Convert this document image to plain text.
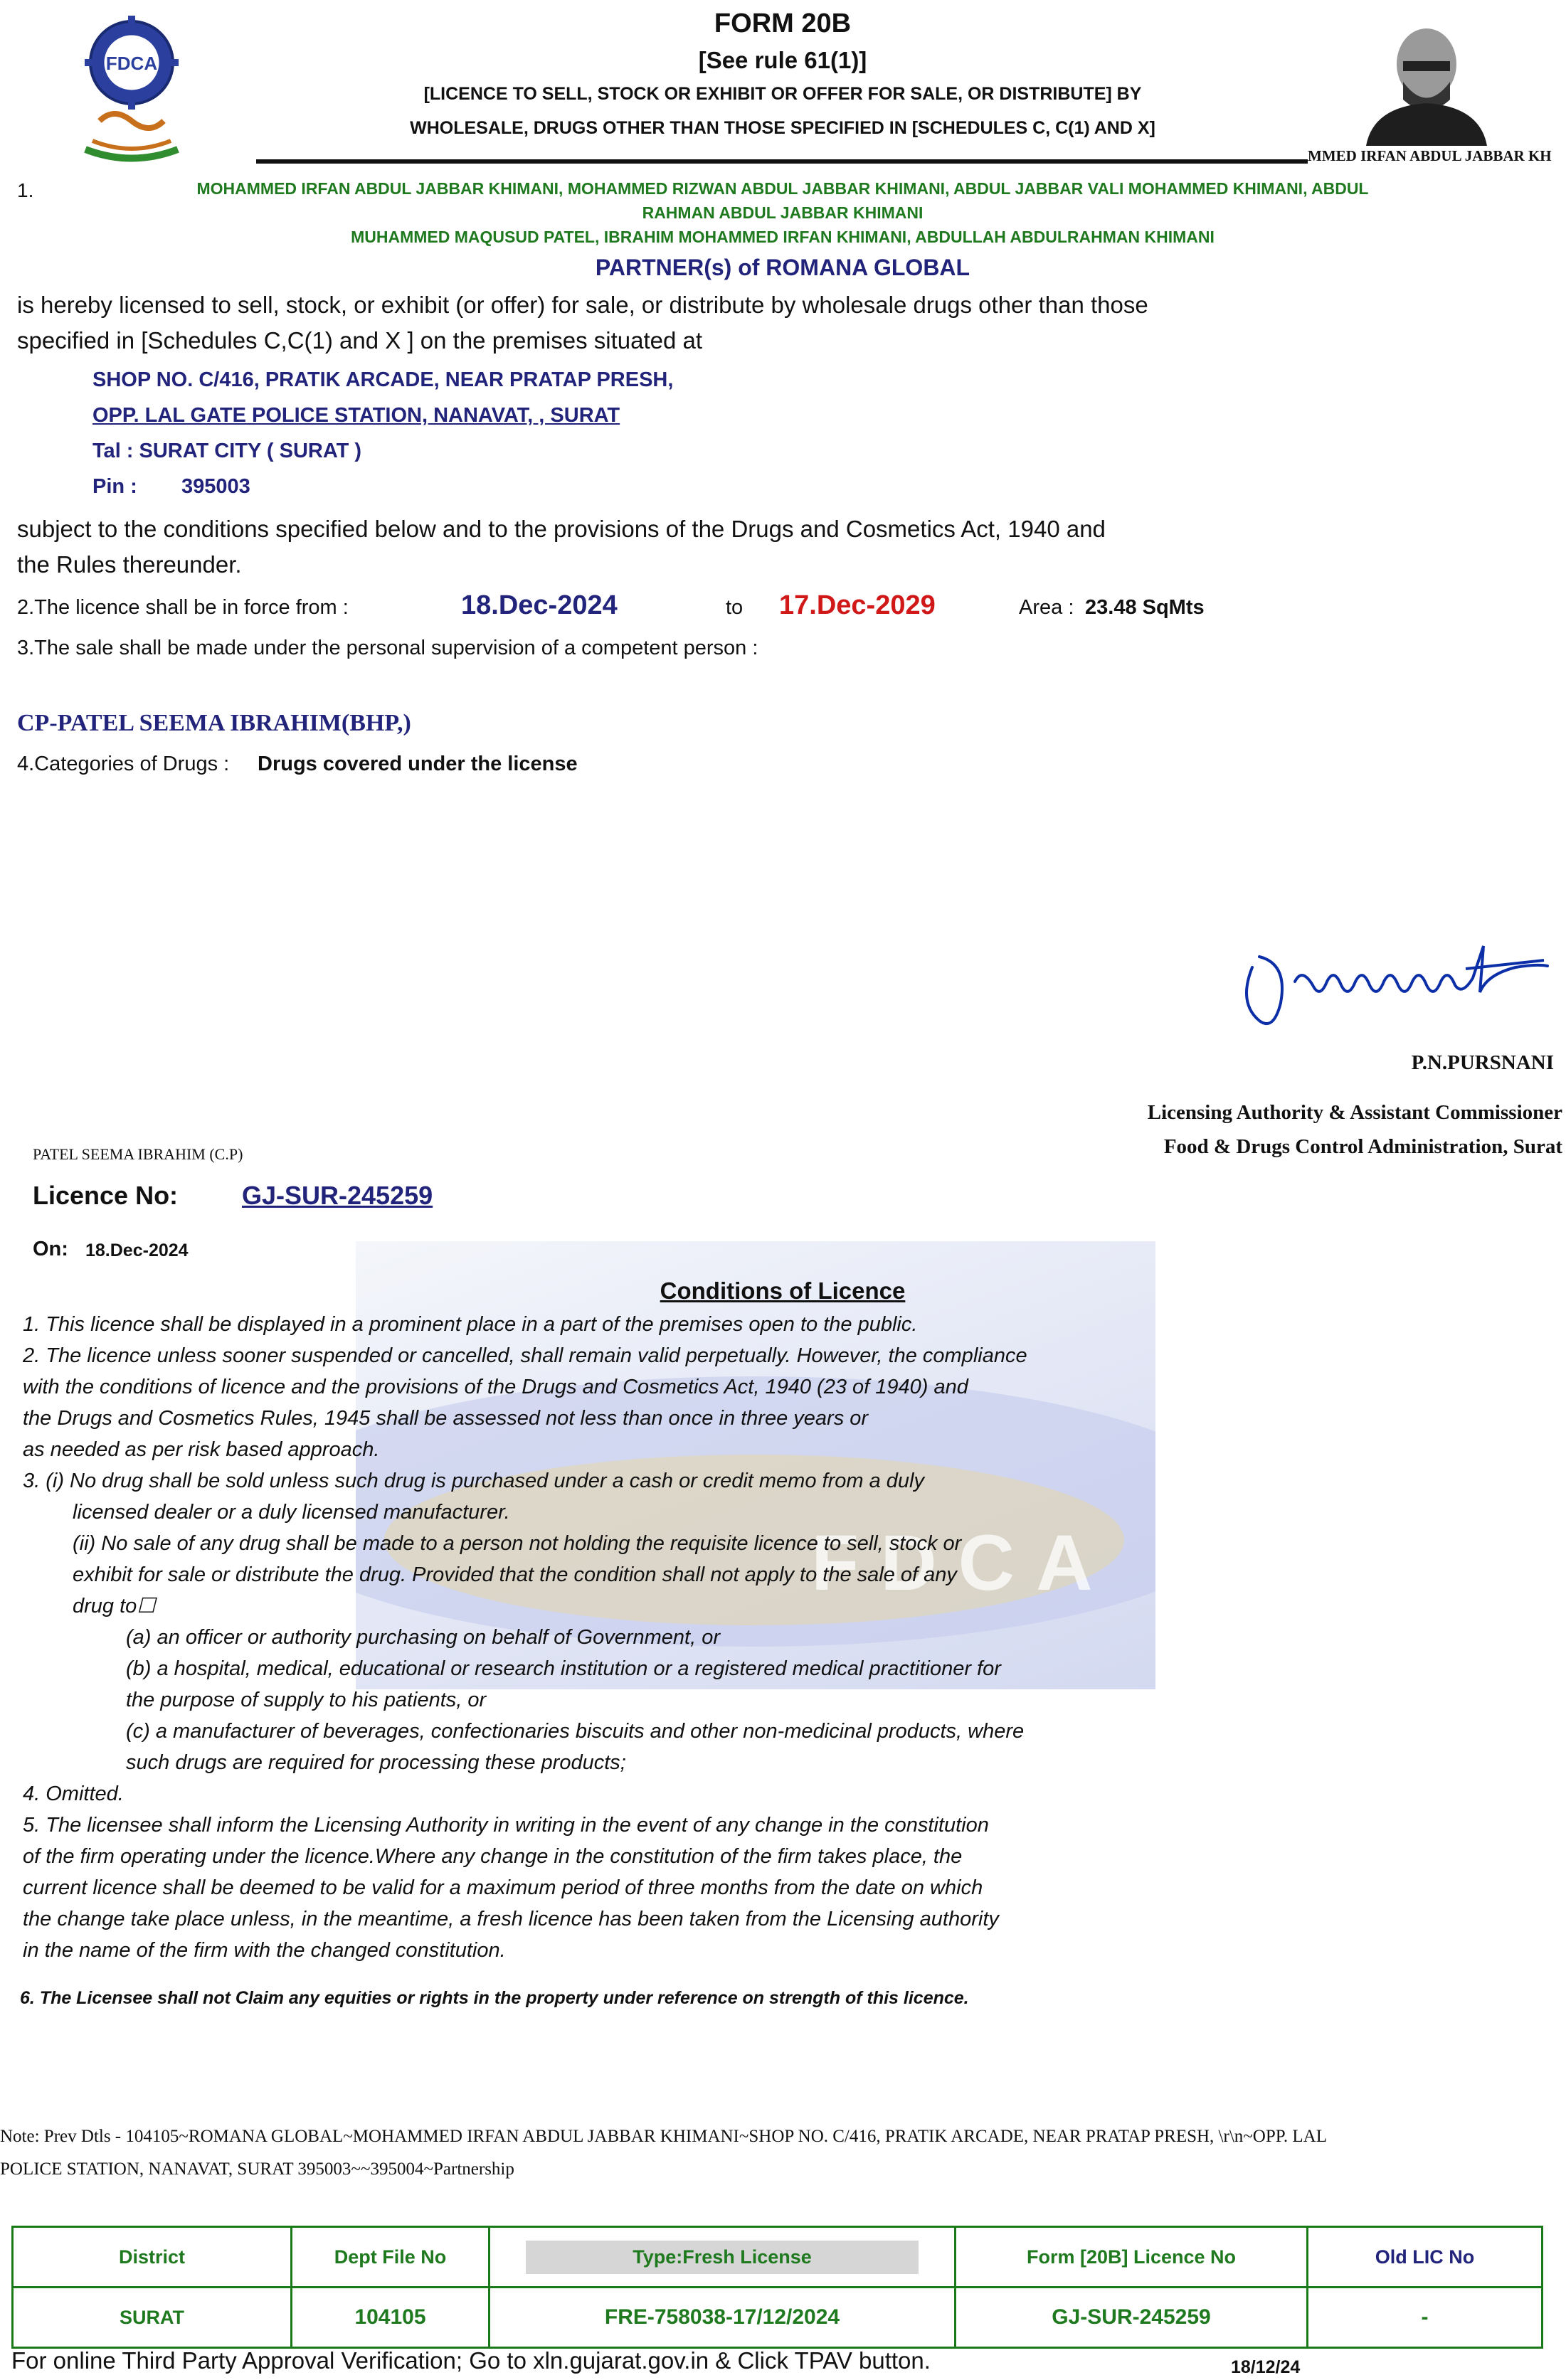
FDCA
MMED IRFAN ABDUL JABBAR KH
FORM 20B
[See rule 61(1)]
[LICENCE TO SELL, STOCK OR EXHIBIT OR OFFER FOR SALE, OR DISTRIBUTE] BY
WHOLESALE, DRUGS OTHER THAN THOSE SPECIFIED IN [SCHEDULES C, C(1) AND X]
1.	MOHAMMED IRFAN ABDUL JABBAR KHIMANI, MOHAMMED RIZWAN ABDUL JABBAR KHIMANI, ABDUL JABBAR VALI MOHAMMED KHIMANI, ABDUL
RAHMAN ABDUL JABBAR KHIMANI
MUHAMMED MAQUSUD PATEL, IBRAHIM MOHAMMED IRFAN KHIMANI, ABDULLAH ABDULRAHMAN KHIMANI
PARTNER(s) of ROMANA GLOBAL
is hereby licensed to sell, stock, or exhibit (or offer) for sale, or distribute by wholesale drugs other than those
specified in [Schedules C,C(1) and X ] on the premises situated at
SHOP NO. C/416, PRATIK ARCADE, NEAR PRATAP PRESH,
OPP. LAL GATE POLICE STATION, NANAVAT, , SURAT
Tal : SURAT CITY ( SURAT )
Pin : 395003
subject to the conditions specified below and to the provisions of the Drugs and Cosmetics Act, 1940 and
the Rules thereunder.
2.The licence shall be in force from :	18.Dec-2024	to 17.Dec-2029	Area : 23.48 SqMts
3.The sale shall be made under the personal supervision of a competent person :
CP-PATEL SEEMA IBRAHIM(BHP,)
4.Categories of Drugs : Drugs covered under the license
P.N.PURSNANI
Licensing Authority & Assistant Commissioner
Food & Drugs Control Administration, Surat
PATEL SEEMA IBRAHIM (C.P)
Licence No: GJ-SUR-245259
On: 18.Dec-2024
FDCA
Conditions of Licence
1. This licence shall be displayed in a prominent place in a part of the premises open to the public.
2. The licence unless sooner suspended or cancelled, shall remain valid perpetually. However, the compliance
with the conditions of licence and the provisions of the Drugs and Cosmetics Act, 1940 (23 of 1940) and
the Drugs and Cosmetics Rules, 1945 shall be assessed not less than once in three years or
as needed as per risk based approach.
3. (i) No drug shall be sold unless such drug is purchased under a cash or credit memo from a duly
licensed dealer or a duly licensed manufacturer.
(ii) No sale of any drug shall be made to a person not holding the requisite licence to sell, stock or
exhibit for sale or distribute the drug. Provided that the condition shall not apply to the sale of any
drug to☐
(a) an officer or authority purchasing on behalf of Government, or
(b) a hospital, medical, educational or research institution or a registered medical practitioner for
the purpose of supply to his patients, or
(c) a manufacturer of beverages, confectionaries biscuits and other non-medicinal products, where
such drugs are required for processing these products;
4. Omitted.
5. The licensee shall inform the Licensing Authority in writing in the event of any change in the constitution
of the firm operating under the licence.Where any change in the constitution of the firm takes place, the
current licence shall be deemed to be valid for a maximum period of three months from the date on which
the change take place unless, in the meantime, a fresh licence has been taken from the Licensing authority
in the name of the firm with the changed constitution.
6. The Licensee shall not Claim any equities or rights in the property under reference on strength of this licence.
Note: Prev Dtls - 104105~ROMANA GLOBAL~MOHAMMED IRFAN ABDUL JABBAR KHIMANI~SHOP NO. C/416, PRATIK ARCADE, NEAR PRATAP PRESH, \r\n~OPP. LAL
POLICE STATION, NANAVAT, SURAT 395003~~395004~Partnership
District	Dept File No	Type:Fresh License	Form [20B] Licence No	Old LIC No
SURAT	104105	FRE-758038-17/12/2024	GJ-SUR-245259	-
For online Third Party Approval Verification; Go to xln.gujarat.gov.in & Click TPAV button.	18/12/24
